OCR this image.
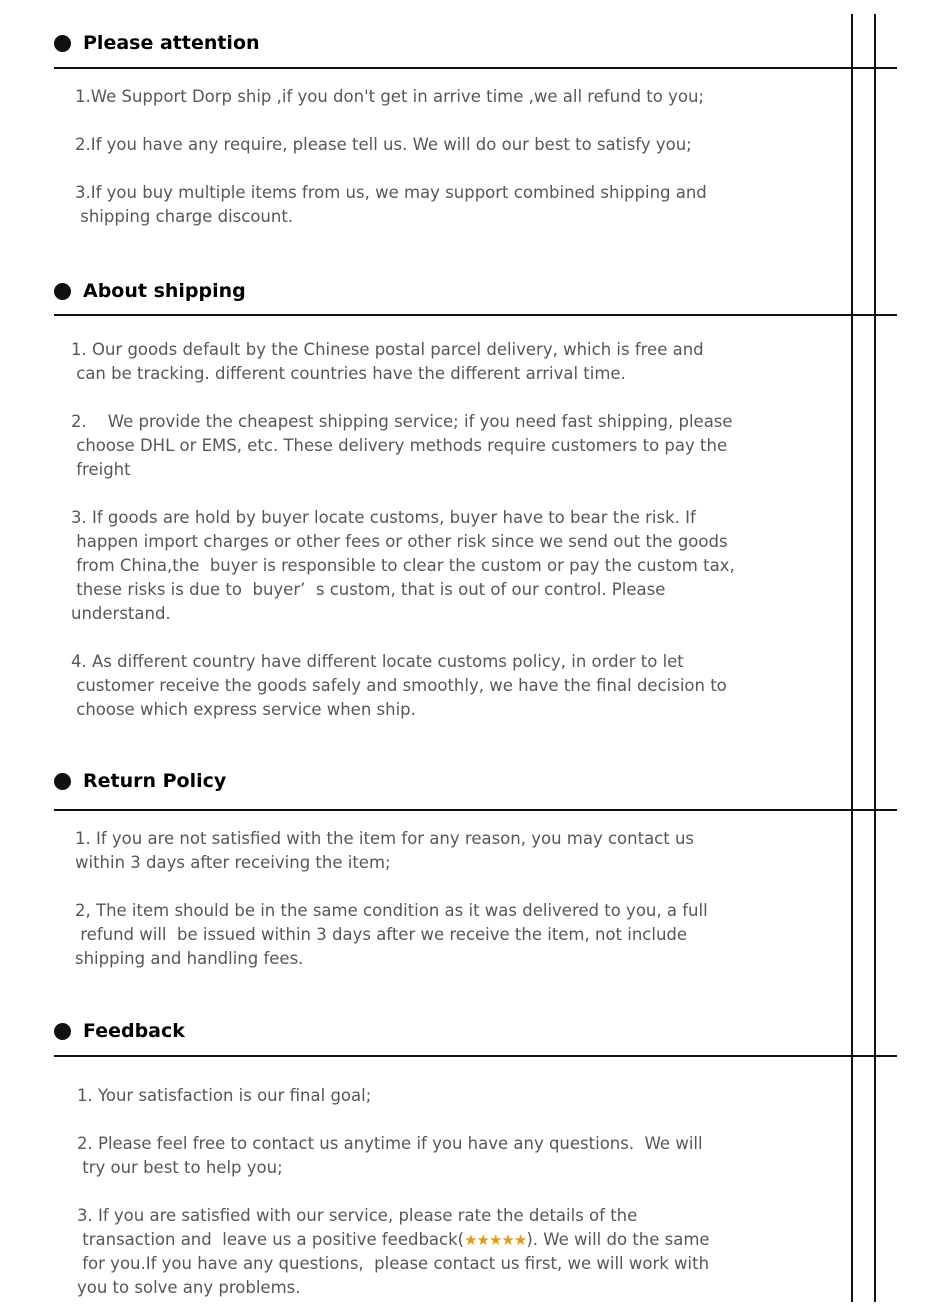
Please attention

1.We Support Dorp ship ,if you don't get in arrive time ,we all refund to you;

2.If you have any require, please tell us. We will do our best to satisfy you;

3.If you buy multiple items from us, we may support combined shipping and
shipping charge discount.

About shipping

1. Our goods default by the Chinese postal parcel delivery, which is free and
can be tracking. different countries have the different arrival time.

2.    We provide the cheapest shipping service; if you need fast shipping, please
choose DHL or EMS, etc. These delivery methods require customers to pay the
freight

3. If goods are hold by buyer locate customs, buyer have to bear the risk. If
happen import charges or other fees or other risk since we send out the goods
from China,the  buyer is responsible to clear the custom or pay the custom tax,
these risks is due to  buyer’  s custom, that is out of our control. Please
understand.

4. As different country have different locate customs policy, in order to let
customer receive the goods safely and smoothly, we have the final decision to
choose which express service when ship.

Return Policy

1. If you are not satisfied with the item for any reason, you may contact us
within 3 days after receiving the item;

2, The item should be in the same condition as it was delivered to you, a full
refund will  be issued within 3 days after we receive the item, not include
shipping and handling fees.

Feedback

1. Your satisfaction is our final goal;

2. Please feel free to contact us anytime if you have any questions.  We will
try our best to help you;

3. If you are satisfied with our service, please rate the details of the
transaction and  leave us a positive feedback(★★★★★). We will do the same
for you.If you have any questions,  please contact us first, we will work with
you to solve any problems.
